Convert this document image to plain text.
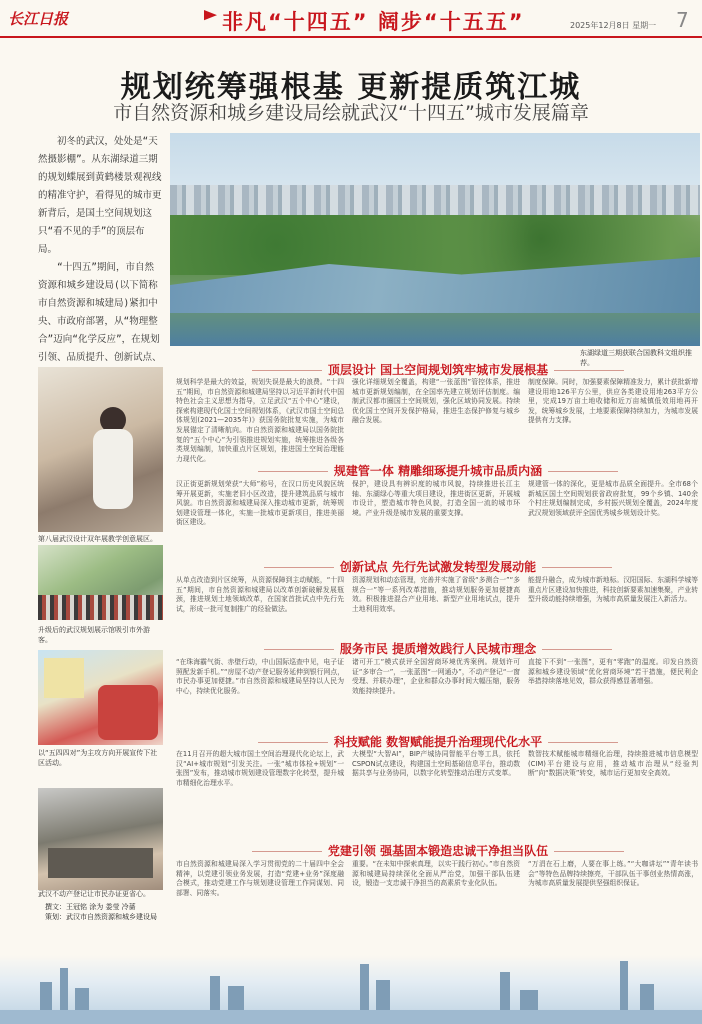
长江日报	非凡“十四五” 阔步“十五五”	2025年12月8日 星期一 7
规划统筹强根基 更新提质筑江城
市自然资源和城乡建设局绘就武汉“十四五”城市发展篇章

初冬的武汉，处处是“天然摄影棚”。从东湖绿道三期的规划蝶展到黄鹤楼景观视线的精准守护，看得见的城市更新背后，是国土空间规划这只“看不见的手”的顶层布局。

“十四五”期间，市自然资源和城乡建设局(以下简称市自然资源和城建局)紧扣中央、市政府部署，从“物理整合”迈向“化学反应”，在规划引领、品质提升、创新试点、	东湖绿道三期获联合国教科文组织推荐。
第八届武汉设计双年展教学创意展区。
升级后的武汉规划展示馆吸引市外游客。
以“五四四对”为主攻方向开展宣传下社区活动。
武汉不动产登记让市民办证更省心。
撰文：王冠铭 涂为 娄莹 冷蔷
策划：武汉市自然资源和城乡建设局
顶层设计 国土空间规划筑牢城市发展根基
规划科学是最大的效益，规划失误是最大的浪费。“十四五”期间，市自然资源和城建局坚持以习近平新时代中国特色社会主义思想为指导，立足武汉“五个中心”建设，探索构建现代化国土空间规划体系，《武汉市国土空间总体规划(2021—2035年)》获国务院批复实施，为城市发展锚定了清晰航向。市自然资源和城建局以国务院批复的“五个中心”为引领推进规划实施，统筹推进各级各类规划编制，加快重点片区规划，推进国土空间治理能力现代化。
强化详细规划全覆盖，构建“一张蓝图”管控体系，推进城市更新规划编制，在全国率先建立规划评估制度。编制武汉都市圈国土空间规划，强化区域协同发展。持续优化国土空间开发保护格局，推进生态保护修复与城乡融合发展。
制度保障。同时，加强要素保障精准发力，累计获批新增建设用地126平方公里，供应各类建设用地263平方公里，完成19万亩土地收储和近万亩城镇低效用地再开发，统筹城乡发展，土地要素保障持续加力，为城市发展提供有力支撑。
规建管一体 精雕细琢提升城市品质内涵
汉正街更新规划荣获“大师”称号，在汉口历史风貌区统筹开展更新，实施老旧小区改造，提升建筑品质与城市风貌。市自然资源和城建局深入推动城市更新，统筹规划建设管理一体化，实施一批城市更新项目，推进美丽街区建设。
保护，建设具有辨识度的城市风貌，持续推进长江主轴、东湖绿心等重大项目建设，推进街区更新，开展城市设计，塑造城市特色风貌，打造全国一流的城市环境。产业升级是城市发展的重要支撑。
规建管一体的深化，更是城市品质全面提升。全市68个新城区国土空间规划获省政府批复，99个乡镇、140余个村庄规划编制完成，乡村振兴规划全覆盖，2024年度武汉规划领域获评全国优秀城乡规划设计奖。
创新试点 先行先试激发转型发展动能
从单点改造到片区统筹，从资源保障到主动赋能，“十四五”期间，市自然资源和城建局以改革创新破解发展瓶颈，推进规划土地领域改革，在国家首批试点中先行先试，形成一批可复制推广的经验做法。
资源规划和动态管理，完善并实施了省级“多测合一”“多规合一”等一系列改革措施，推动规划服务更加便捷高效。积极推进混合产业用地、新型产业用地试点，提升土地利用效率。
能提升融合，成为城市新地标。汉阳国际、东湖科学城等重点片区建设加快推进，科技创新要素加速集聚，产业转型升级动能持续增强，为城市高质量发展注入新活力。
服务市民 提质增效践行人民城市理念
“在珠海霸气街、赤壁行动，中山国际巡查中见，电子证照配发新手机。”“房屋不动产登记服务延伸到银行网点，市民办事更加便捷。”市自然资源和城建局坚持以人民为中心，持续优化服务。
诸可开工”模式获评全国营商环境优秀案例。规划许可证“多审合一”，一张蓝图“一网通办”，不动产登记“一窗受理、并联办理”，企业和群众办事时间大幅压缩，服务效能持续提升。
直接下不到“一张图”，更有“零跑”的温度。印发自然资源和城乡建设领域“优化营商环境”若干措施，便民利企举措持续落地见效，群众获得感显著增强。
科技赋能 数智赋能提升治理现代化水平
在11月召开的超大城市国土空间治理现代化论坛上，武汉“AI+城市规划”引发关注。一张“城市体检+规划”一张图”发布，推动城市规划建设管理数字化转型，提升城市精细化治理水平。
大模型“大智AI”，BIP产城协同智能平台等工具，依托CSPON试点建设，构建国土空间基础信息平台，推动数据共享与业务协同，以数字化转型推动治理方式变革。
数智技术赋能城市精细化治理，持续推进城市信息模型(CIM)平台建设与应用，推动城市治理从“经验判断”向“数据决策”转变，城市运行更加安全高效。
党建引领 强基固本锻造忠诚干净担当队伍
市自然资源和城建局深入学习贯彻党的二十届四中全会精神，以党建引领业务发展，打造“党建+业务”深度融合模式，推动党建工作与规划建设管理工作同谋划、同部署、同落实。
重要。“在未知中探索真理，以实干践行初心。”市自然资源和城建局持续深化全面从严治党，加强干部队伍建设，锻造一支忠诚干净担当的高素质专业化队伍。
“万涓在石上磨，人要在事上练。”“大咖讲坛”“青年读书会”等特色品牌持续擦亮，干部队伍干事创业热情高涨，为城市高质量发展提供坚强组织保证。
